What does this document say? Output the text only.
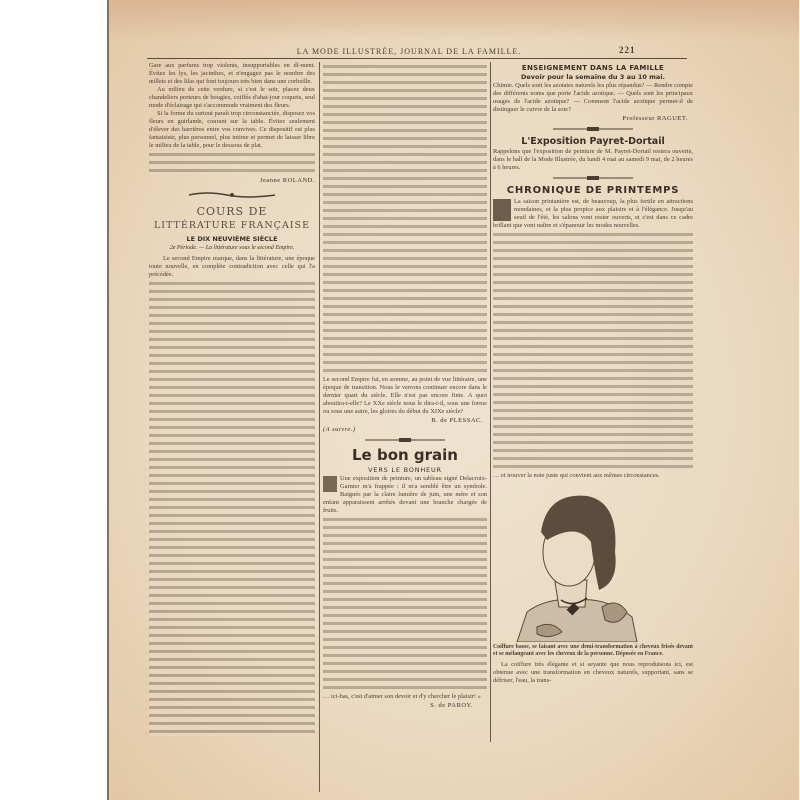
LA MODE ILLUSTRÉE, JOURNAL DE LA FAMILLE.	221
Gare aux parfums trop violents, insupportables en dî-ment. Évitez les lys, les jacinthes, et n'engagez pas le nombre des œillets et des lilas qui font toujours très bien dans une corbeille.
Au milieu de cette verdure, si c'est le soir, placez deux chandeliers porteurs de bougies, coiffés d'abat-jour coquets, seul mode d'éclairage qui s'accommode vraiment des fleurs.
Si la forme du surtout paraît trop circonstanciée, disposez vos fleurs en guirlande, courant sur la table. Évitez seulement d'élever des barrières entre vos convives. Ce dispositif est plus fantaisiste, plus personnel, plus intime et permet de laisser libre le milieu de la table, pour le dessous de plat.
Jeanne ROLAND.
COURS DE
LITTÉRATURE FRANÇAISE
LE DIX NEUVIÈME SIÈCLE
2e Période. — La littérature sous le second Empire.
Le second Empire marque, dans la littérature, une époque toute nouvelle, en complète contradiction avec celle qui l'a précédée.
Le second Empire fut, en somme, au point de vue littéraire, une époque de transition. Nous le verrons continuer encore dans le dernier quart du siècle. Elle n'est pas encore finie. A quoi aboutira-t-elle? Le XXe siècle nous le dira-t-il, sous une forme ou sous une autre, les gloires du début du XIXe siècle?
B. de PLESSAC.
(A suivre.)
Le bon grain
VERS LE BONHEUR
Une exposition de peinture, un tableau signé Delacroix-Garnier m'a frappée : il m'a semblé être un symbole. Baignés par la claire lumière de juin, une mère et son enfant apparaissent arrêtés devant une branche chargée de fruits.
… ici-bas, c'est d'aimer son devoir et d'y chercher le plaisir! »
S. de PAROY.
ENSEIGNEMENT DANS LA FAMILLE
Devoir pour la semaine du 3 au 10 mai.
Chimie. Quels sont les azotates naturels les plus répandus? — Rendre compte des différents noms que porte l'acide azotique. — Quels sont les principaux usages de l'acide azotique? — Comment l'acide azotique permet-il de distinguer le cuivre de la soie?
Professeur RAGUET.
L'Exposition Payret-Dortail
Rappelons que l'exposition de peinture de M. Payret-Dortail restera ouverte, dans le hall de la Mode Illustrée, du lundi 4 mai au samedi 9 mai, de 2 heures à 6 heures.
CHRONIQUE DE PRINTEMPS
La saison printanière est, de beaucoup, la plus fertile en attractions mondaines, et la plus propice aux plaisirs et à l'élégance. Jusqu'au seuil de l'été, les salons vont rester ouverts, et c'est dans ce cadre brillant que vont naître et s'épanouir les modes nouvelles.
… et trouver la note juste qui convient aux mêmes circonstances.
Coiffure basse, se faisant avec une demi-transformation à cheveux frisés devant et se mélangeant avec les cheveux de la personne. Déposée en France.
La coiffure très élégante et si seyante que nous reproduisons ici, est obtenue avec une transformation en cheveux naturels, supportant, sans se défriser, l'eau, la trans-
